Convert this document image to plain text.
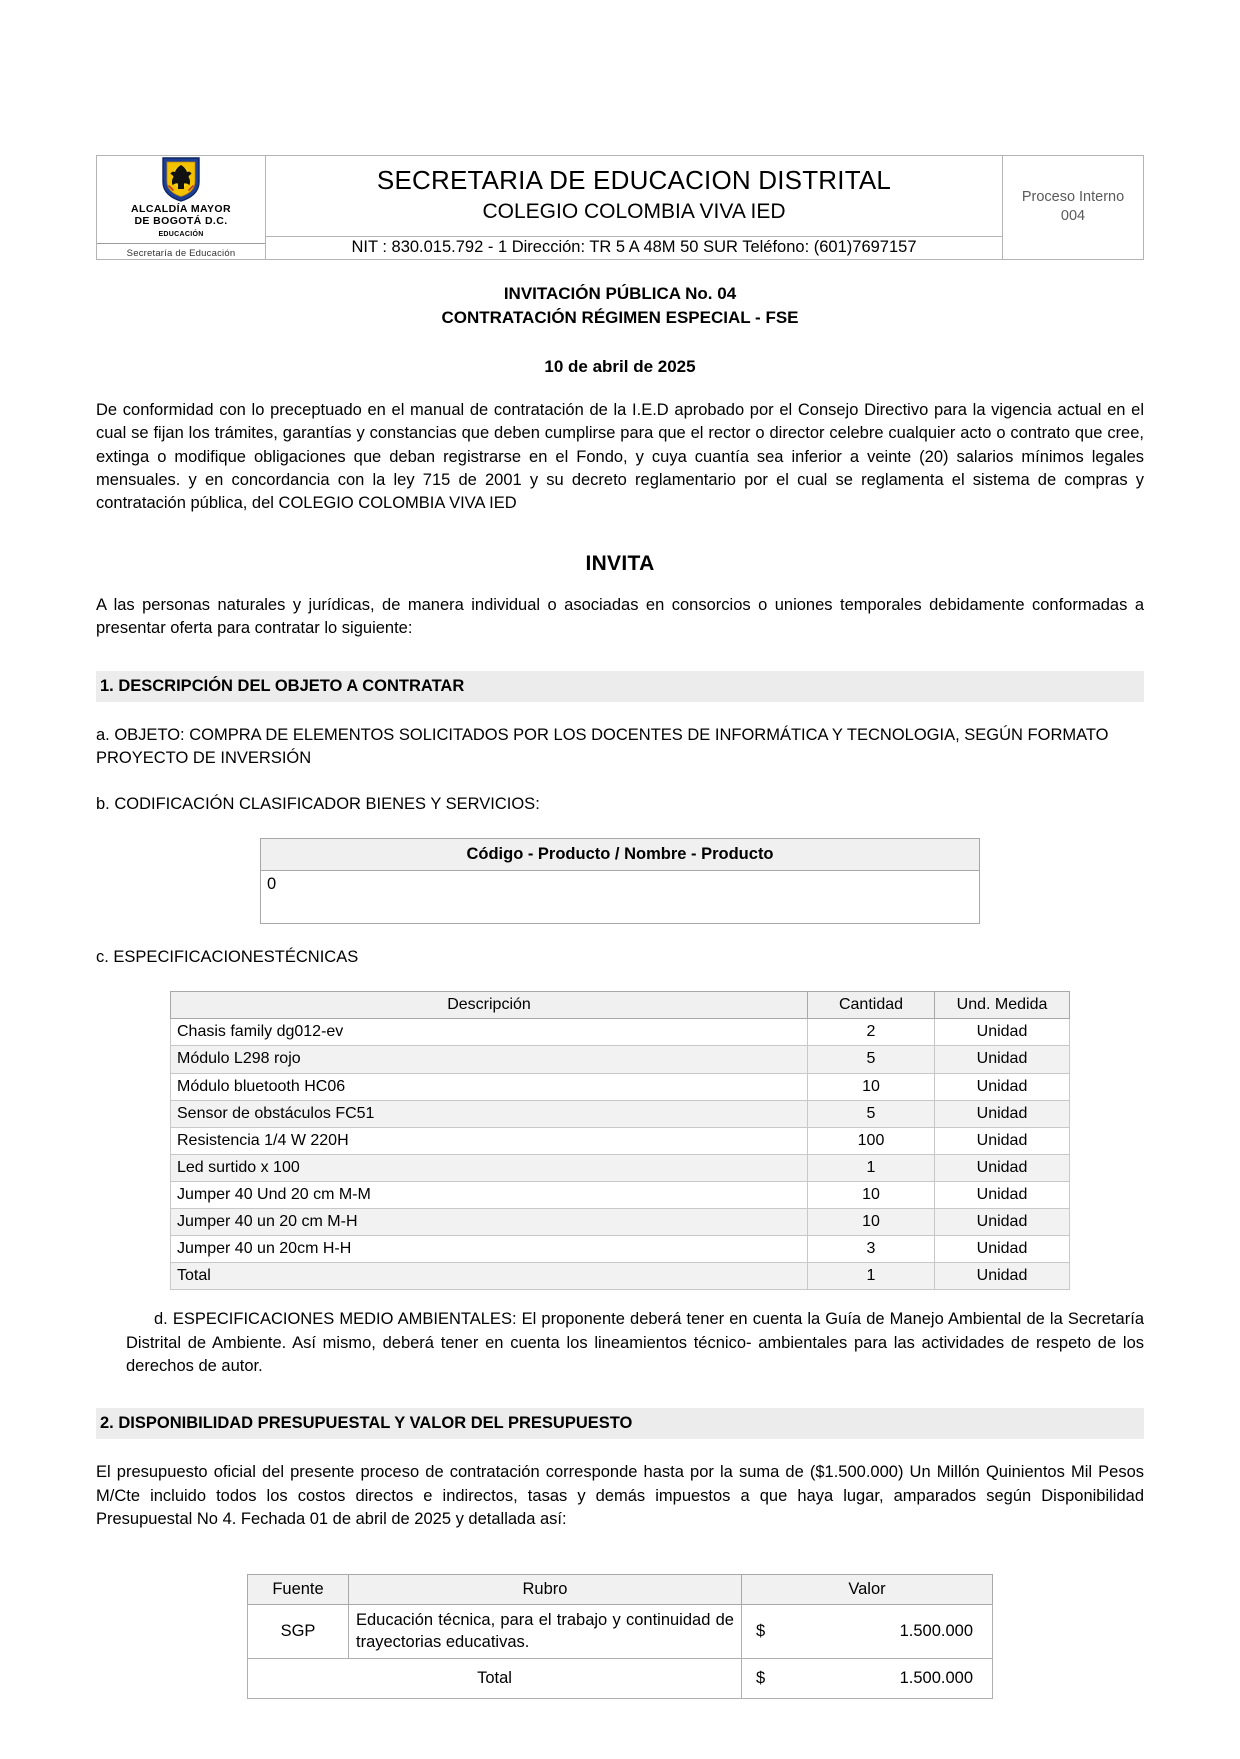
ALCALDÍA MAYOR
DE BOGOTÁ D.C.
EDUCACIÓN
Secretaría de Educación

SECRETARIA DE EDUCACION DISTRITAL
COLEGIO COLOMBIA VIVA IED

Proceso Interno
004

NIT : 830.015.792 - 1 Dirección: TR 5 A 48M 50 SUR Teléfono: (601)7697157
INVITACIÓN PÚBLICA No. 04
CONTRATACIÓN RÉGIMEN ESPECIAL - FSE
10 de abril de 2025

De conformidad con lo preceptuado en el manual de contratación de la I.E.D aprobado por el Consejo Directivo para la vigencia actual en el cual se fijan los trámites, garantías y constancias que deben cumplirse para que el rector o director celebre cualquier acto o contrato que cree, extinga o modifique obligaciones que deban registrarse en el Fondo, y cuya cuantía sea inferior a veinte (20) salarios mínimos legales mensuales. y en concordancia con la ley 715 de 2001 y su decreto reglamentario por el cual se reglamenta el sistema de compras y contratación pública, del COLEGIO COLOMBIA VIVA IED

INVITA

A las personas naturales y jurídicas, de manera individual o asociadas en consorcios o uniones temporales debidamente conformadas a presentar oferta para contratar lo siguiente:

1. DESCRIPCIÓN DEL OBJETO A CONTRATAR

a. OBJETO: COMPRA DE ELEMENTOS SOLICITADOS POR LOS DOCENTES DE INFORMÁTICA Y TECNOLOGIA, SEGÚN FORMATO PROYECTO DE INVERSIÓN

b. CODIFICACIÓN CLASIFICADOR BIENES Y SERVICIOS:

Código - Producto / Nombre - Producto
0

c. ESPECIFICACIONESTÉCNICAS

Descripción	Cantidad	Und. Medida
Chasis family dg012-ev	2	Unidad
Módulo L298 rojo	5	Unidad
Módulo bluetooth HC06	10	Unidad
Sensor de obstáculos FC51	5	Unidad
Resistencia 1/4 W 220H	100	Unidad
Led surtido x 100	1	Unidad
Jumper 40 Und 20 cm M-M	10	Unidad
Jumper 40 un 20 cm M-H	10	Unidad
Jumper 40 un 20cm H-H	3	Unidad
Total	1	Unidad

d. ESPECIFICACIONES MEDIO AMBIENTALES: El proponente deberá tener en cuenta la Guía de Manejo Ambiental de la Secretaría Distrital de Ambiente. Así mismo, deberá tener en cuenta los lineamientos técnico- ambientales para las actividades de respeto de los derechos de autor.

2. DISPONIBILIDAD PRESUPUESTAL Y VALOR DEL PRESUPUESTO

El presupuesto oficial del presente proceso de contratación corresponde hasta por la suma de ($1.500.000) Un Millón Quinientos Mil Pesos M/Cte incluido todos los costos directos e indirectos, tasas y demás impuestos a que haya lugar, amparados según Disponibilidad Presupuestal No 4. Fechada 01 de abril de 2025 y detallada así:

Fuente	Rubro	Valor
SGP	Educación técnica, para el trabajo y continuidad de trayectorias educativas.	$ 1.500.000

Total		$ 1.500.000
